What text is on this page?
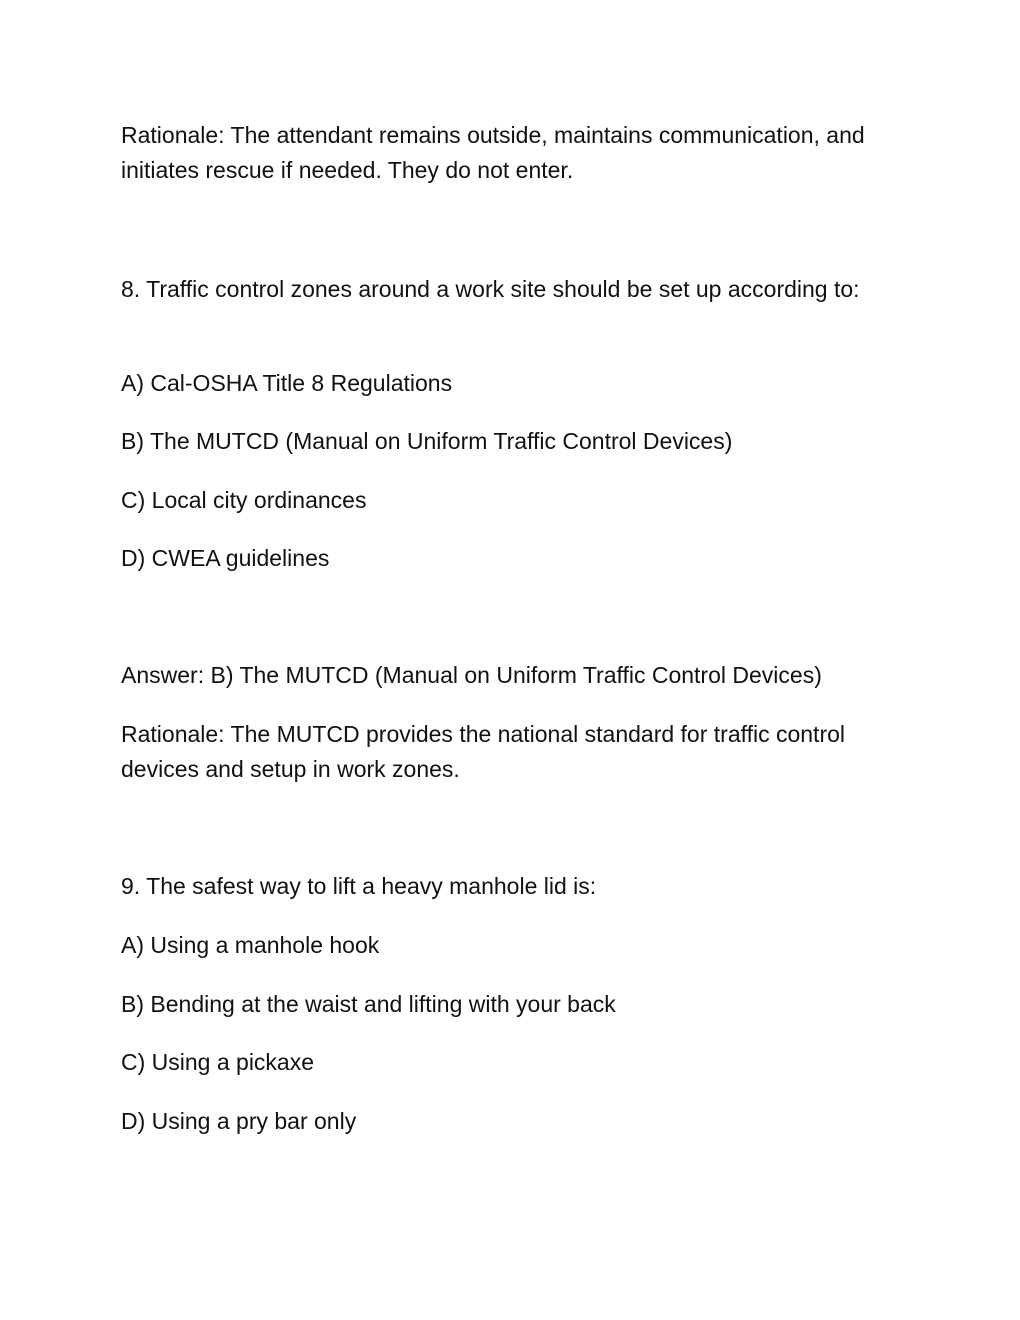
Rationale: The attendant remains outside, maintains communication, and initiates rescue if needed. They do not enter.

8. Traffic control zones around a work site should be set up according to:

A) Cal-OSHA Title 8 Regulations

B) The MUTCD (Manual on Uniform Traffic Control Devices)

C) Local city ordinances

D) CWEA guidelines

Answer: B) The MUTCD (Manual on Uniform Traffic Control Devices)

Rationale: The MUTCD provides the national standard for traffic control devices and setup in work zones.

9. The safest way to lift a heavy manhole lid is:

A) Using a manhole hook

B) Bending at the waist and lifting with your back

C) Using a pickaxe

D) Using a pry bar only
